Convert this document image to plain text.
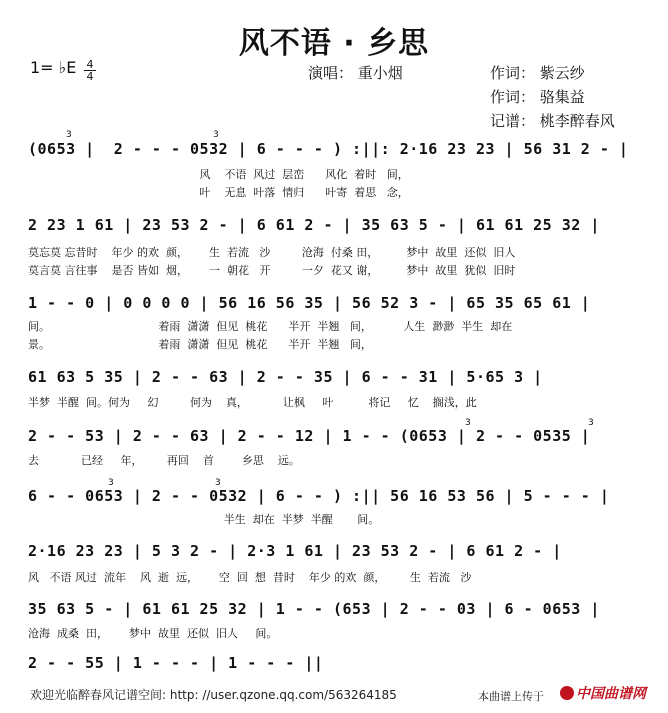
风不语 · 乡思
1= ♭E 4
4	演唱： 重小烟	作词： 紫云纱
作词： 骆集益
记谱： 桃李醉春风
(0653 |  2 - - - 0532 | 6 - - - ) :||: 2·16 23 23 | 56 31 2 - |
2 23 1 61 | 23 53 2 - | 6 61 2 - | 35 63 5 - | 61 61 25 32 |
1 - - 0 | 0 0 0 0 | 56 16 56 35 | 56 52 3 - | 65 35 65 61 |
61 63 5 35 | 2 - - 63 | 2 - - 35 | 6 - - 31 | 5·65 3 |
2 - - 53 | 2 - - 63 | 2 - - 12 | 1 - - (0653 | 2 - - 0535 |
6 - - 0653 | 2 - - 0532 | 6 - - ) :|| 56 16 53 56 | 5 - - - |
2·16 23 23 | 5 3 2 - | 2·3 1 61 | 23 53 2 - | 6 61 2 - |
35 63 5 - | 61 61 25 32 | 1 - - (653 | 2 - - 03 | 6 - 0653 |
2 - - 55 | 1 - - - | 1 - - - ||
3	3
3	3
3	3
风    不语  风过  层峦      风化  着时   间，
叶    无息  叶落  情归      叶寄  着思   念，
莫忘莫 忘昔时    年少 的欢  颜，      生  若流   沙         沧海  付桑 田，        梦中  故里  还似  旧人
莫言莫 言往事    是否 皆如  烟，      一  朝花   开         一夕  花又 谢，        梦中  故里  犹似  旧时
间。                               着雨  潇潇  但见  桃花      半开  半翘   间，         人生  渺渺  半生  却在
景。                               着雨  潇潇  但见  桃花      半开  半翘   间，
半梦  半醒  间。何为     幻         何为    真，          让枫     叶          将记     忆    搁浅，此
去            已经     年，       再回    首        乡思    远。
半生  却在  半梦  半醒       间。
风   不语 风过  流年    风  逝  远，      空  回  想  昔时    年少 的欢  颜，       生  若流   沙
沧海  成桑  田，      梦中  故里  还似  旧人     间。
欢迎光临醉春风记谱空间: http: //user.qzone.qq.com/563264185	本曲谱上传于	中国曲谱网
